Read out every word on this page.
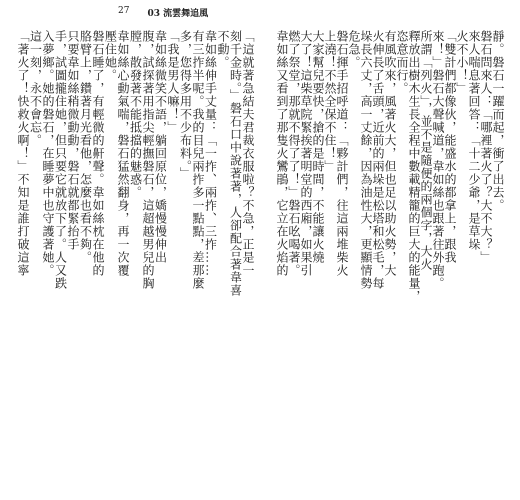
27 03 流雲舞追風
「這就著急結夫君裁衣服啦？不急，正是一
刻千金時。」磐石口中說著著，人卻配合著韋喜
不動。
韋如絲伸手丈量：「一拃、兩拃、三拃……
有三拃半呢。我的目兒兩拃多一點點，差那麼
多，您得多用不少布料。」
「我是男人嘛！」
韋如絲微笑不語，躺回原位，嬌慢慢伸出
腹，試探著用指尖輕撫磐石，這超越男兒的胸
膛，散發著不能抵擋的魅惑。
韋如絲心動氣喘，磐石猛然翻身，再一次覆
壓住她。
磐石睡了，有輕微的鼾聲。韋如絲枕在他的
胳臂上，鑽著月光看他，怎麼也看不夠。
只要韋如絲稍微動動，磐石就都緊抬手
手，試圖攏住她，但只要它就放下了。人又跌
入夢鄉。她的磐石，在睡夢中也守護著她。
這一刻，永不會忘。
「著火了！快救火啊！」不知是誰打破這寧	靜。磐石一躍而起，衝了出去。
磐石問來人：「哪裡著火了？大不大？」
來人喘息著回答：「十二少爺，是草垛
火不小！」
「雙計們都像伙，能盛水的都拿上，跟我
來！」磐石大聲喊道，韋如絲也跟著往外跑。
所謂「列火」，並不是隨便的兩個字，大火
釋放出樹木生長全程中數載精籠的巨大的能量，
恣意而行。
有風吹來，風著火大，但也足以助火勢，大
火伸長了舌頭，近前的兩垛是松塔和松毛，每
垛長六丈，高一丈餘，因為油性大，更顯情勢
危急。
磐石揮手招呼道：「夥計們，往這兩堆柴火
上澆！不然全保不住！」
大家幫兒要快，搶的是時間，不能讓火燒
大了！這柴草院緊挨著明堂的西廂，如果引
燃了祭堂，那就不得了了！」磐石吆喝著。
韋如絲又看到了那隻火鸞鵑，它立在火焰的
